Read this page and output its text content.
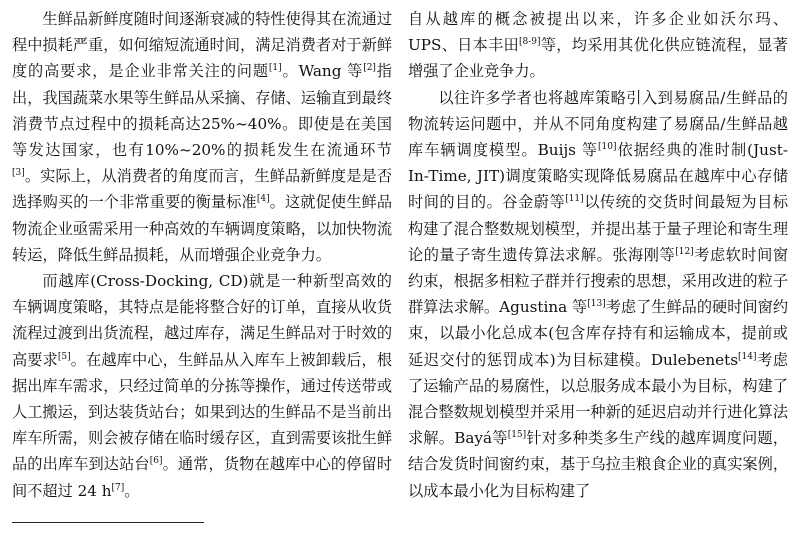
生鲜品新鲜度随时间逐渐衰减的特性使得其在流通过程中损耗严重，如何缩短流通时间，满足消费者对于新鲜度的高要求，是企业非常关注的问题[1]。Wang 等[2]指出，我国蔬菜水果等生鲜品从采摘、存储、运输直到最终消费节点过程中的损耗高达25%~40%。即使是在美国等发达国家，也有10%~20%的损耗发生在流通环节[3]。实际上，从消费者的角度而言，生鲜品新鲜度是是否选择购买的一个非常重要的衡量标准[4]。这就促使生鲜品物流企业亟需采用一种高效的车辆调度策略，以加快物流转运，降低生鲜品损耗，从而增强企业竞争力。

而越库(Cross-Docking, CD)就是一种新型高效的车辆调度策略，其特点是能将整合好的订单，直接从收货流程过渡到出货流程，越过库存，满足生鲜品对于时效的高要求[5]。在越库中心，生鲜品从入库车上被卸载后，根据出库车需求，只经过简单的分拣等操作，通过传送带或人工搬运，到达装货站台；如果到达的生鲜品不是当前出库车所需，则会被存储在临时缓存区，直到需要该批生鲜品的出库车到达站台[6]。通常，货物在越库中心的停留时间不超过 24 h[7]。

自从越库的概念被提出以来，许多企业如沃尔玛、UPS、日本丰田[8-9]等，均采用其优化供应链流程，显著增强了企业竞争力。

以往许多学者也将越库策略引入到易腐品/生鲜品的物流转运问题中，并从不同角度构建了易腐品/生鲜品越库车辆调度模型。Buijs 等[10]依据经典的准时制(Just-In-Time, JIT)调度策略实现降低易腐品在越库中心存储时间的目的。谷金蔚等[11]以传统的交货时间最短为目标构建了混合整数规划模型，并提出基于量子理论和寄生理论的量子寄生遗传算法求解。张海刚等[12]考虑软时间窗约束，根据多相粒子群并行搜索的思想，采用改进的粒子群算法求解。Agustina 等[13]考虑了生鲜品的硬时间窗约束，以最小化总成本(包含库存持有和运输成本，提前或延迟交付的惩罚成本)为目标建模。Dulebenets[14]考虑了运输产品的易腐性，以总服务成本最小为目标，构建了混合整数规划模型并采用一种新的延迟启动并行进化算法求解。Bayá等[15]针对多种类多生产线的越库调度问题，结合发货时间窗约束，基于乌拉圭粮食企业的真实案例，以成本最小化为目标构建了
